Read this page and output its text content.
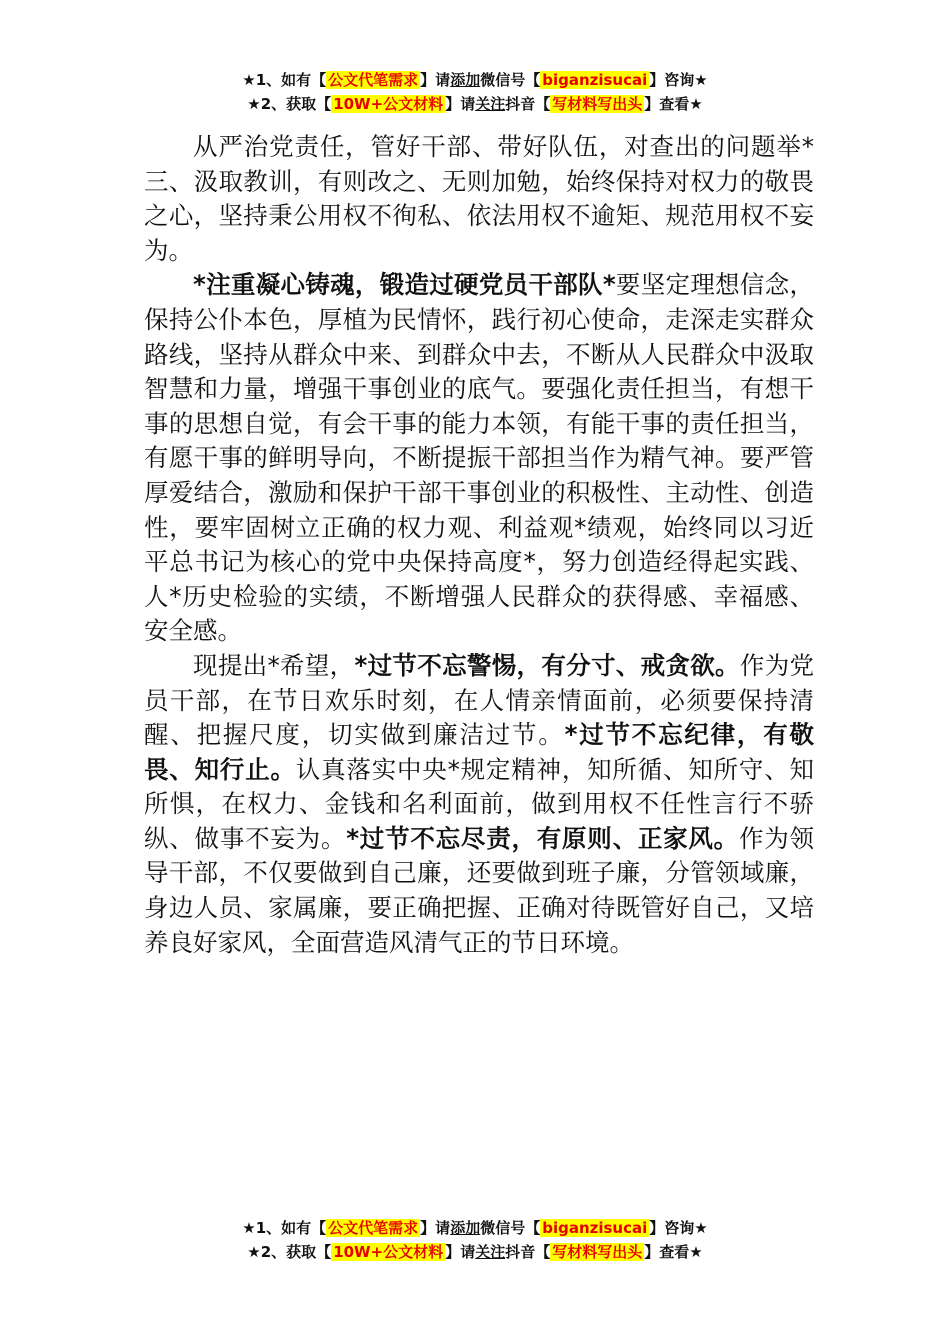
★1、如有【 公文代笔需求 】请添加微信号【 biganzisucai 】咨询★
★2、获取【 10W+公文材料 】请关注抖音【 写材料写出头 】查看★

从严治党责任，管好干部、带好队伍，对查出的问题举*三、汲取教训，有则改之、无则加勉，始终保持对权力的敬畏之心，坚持秉公用权不徇私、依法用权不逾矩、规范用权不妄为。

*注重凝心铸魂，锻造过硬党员干部队*要坚定理想信念，保持公仆本色，厚植为民情怀，践行初心使命，走深走实群众路线，坚持从群众中来、到群众中去，不断从人民群众中汲取智慧和力量，增强干事创业的底气。要强化责任担当，有想干事的思想自觉，有会干事的能力本领，有能干事的责任担当，有愿干事的鲜明导向，不断提振干部担当作为精气神。要严管厚爱结合，激励和保护干部干事创业的积极性、主动性、创造性，要牢固树立正确的权力观、利益观*绩观，始终同以习近平总书记为核心的党中央保持高度*，努力创造经得起实践、人*历史检验的实绩，不断增强人民群众的获得感、幸福感、安全感。

现提出*希望，*过节不忘警惕，有分寸、戒贪欲。作为党员干部，在节日欢乐时刻，在人情亲情面前，必须要保持清醒、把握尺度，切实做到廉洁过节。*过节不忘纪律，有敬畏、知行止。认真落实中央*规定精神，知所循、知所守、知所惧，在权力、金钱和名利面前，做到用权不任性言行不骄纵、做事不妄为。*过节不忘尽责，有原则、正家风。作为领导干部，不仅要做到自己廉，还要做到班子廉，分管领域廉，身边人员、家属廉，要正确把握、正确对待既管好自己，又培养良好家风，全面营造风清气正的节日环境。

★1、如有【 公文代笔需求 】请添加微信号【 biganzisucai 】咨询★
★2、获取【 10W+公文材料 】请关注抖音【 写材料写出头 】查看★
